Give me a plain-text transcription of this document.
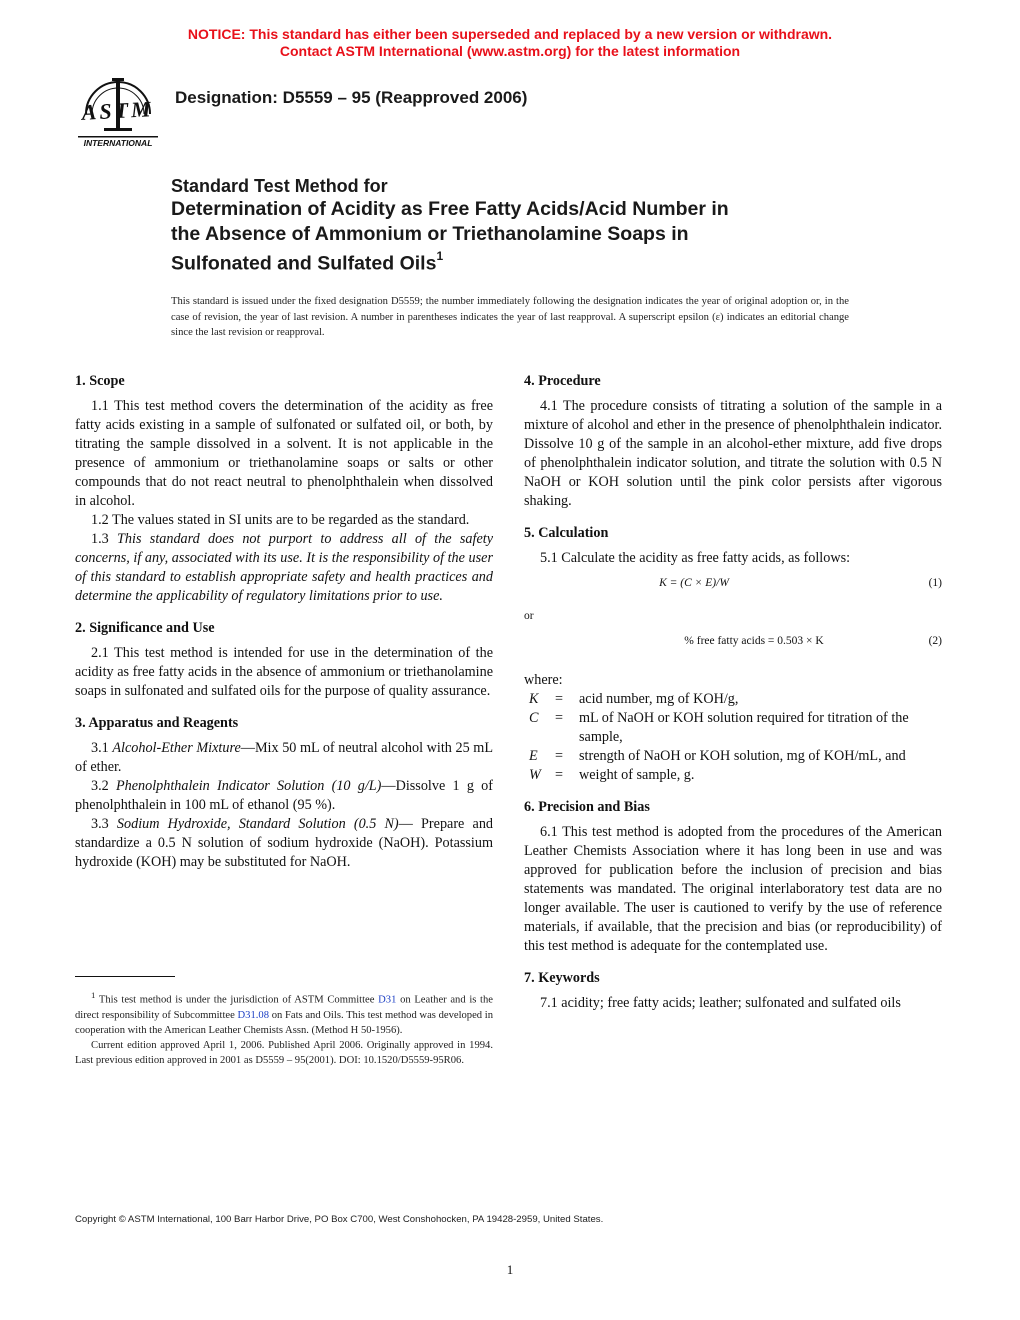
NOTICE: This standard has either been superseded and replaced by a new version or withdrawn.
Contact ASTM International (www.astm.org) for the latest information
ASTM
INTERNATIONAL
Designation: D5559 – 95 (Reapproved 2006)
Standard Test Method for
Determination of Acidity as Free Fatty Acids/Acid Number in
the Absence of Ammonium or Triethanolamine Soaps in
Sulfonated and Sulfated Oils$^1$
This standard is issued under the fixed designation D5559; the number immediately following the designation indicates the year of original adoption or, in the case of revision, the year of last revision. A number in parentheses indicates the year of last reapproval. A superscript epsilon (ε) indicates an editorial change since the last revision or reapproval.
1. Scope

1.1 This test method covers the determination of the acidity as free fatty acids existing in a sample of sulfonated or sulfated oil, or both, by titrating the sample dissolved in a solvent. It is not applicable in the presence of ammonium or triethanolamine soaps or salts or other compounds that do not react neutral to phenolphthalein when dissolved in alcohol.

1.2 The values stated in SI units are to be regarded as the standard.

1.3 This standard does not purport to address all of the safety concerns, if any, associated with its use. It is the responsibility of the user of this standard to establish appropriate safety and health practices and determine the applicability of regulatory limitations prior to use.

2. Significance and Use

2.1 This test method is intended for use in the determination of the acidity as free fatty acids in the absence of ammonium or triethanolamine soaps in sulfonated and sulfated oils for the purpose of quality assurance.

3. Apparatus and Reagents

3.1 Alcohol-Ether Mixture—Mix 50 mL of neutral alcohol with 25 mL of ether.

3.2 Phenolphthalein Indicator Solution (10 g/L)—Dissolve 1 g of phenolphthalein in 100 mL of ethanol (95 %).

3.3 Sodium Hydroxide, Standard Solution (0.5 N)— Prepare and standardize a 0.5 N solution of sodium hydroxide (NaOH). Potassium hydroxide (KOH) may be substituted for NaOH.

$^1$ This test method is under the jurisdiction of ASTM Committee D31 on Leather and is the direct responsibility of Subcommittee D31.08 on Fats and Oils. This test method was developed in cooperation with the American Leather Chemists Assn. (Method H 50-1956).

Current edition approved April 1, 2006. Published April 2006. Originally approved in 1994. Last previous edition approved in 2001 as D5559 – 95(2001). DOI: 10.1520/D5559-95R06.

4. Procedure

4.1 The procedure consists of titrating a solution of the sample in a mixture of alcohol and ether in the presence of phenolphthalein indicator. Dissolve 10 g of the sample in an alcohol-ether mixture, add five drops of phenolphthalein indicator solution, and titrate the solution with 0.5 N NaOH or KOH solution until the pink color persists after vigorous shaking.

5. Calculation

5.1 Calculate the acidity as free fatty acids, as follows:

K = (C × E)/W	(1)

or

% free fatty acids = 0.503 × K	(2)

where:

K	=	acid number, mg of KOH/g,
C	=	mL of NaOH or KOH solution required for titration of the sample,
E	=	strength of NaOH or KOH solution, mg of KOH/mL, and
W =	weight of sample, g.
6. Precision and Bias

6.1 This test method is adopted from the procedures of the American Leather Chemists Association where it has long been in use and was approved for publication before the inclusion of precision and bias statements was mandated. The original interlaboratory test data are no longer available. The user is cautioned to verify by the use of reference materials, if available, that the precision and bias (or reproducibility) of this test method is adequate for the contemplated use.

7. Keywords

7.1 acidity; free fatty acids; leather; sulfonated and sulfated oils

Copyright © ASTM International, 100 Barr Harbor Drive, PO Box C700, West Conshohocken, PA 19428-2959, United States.
1
